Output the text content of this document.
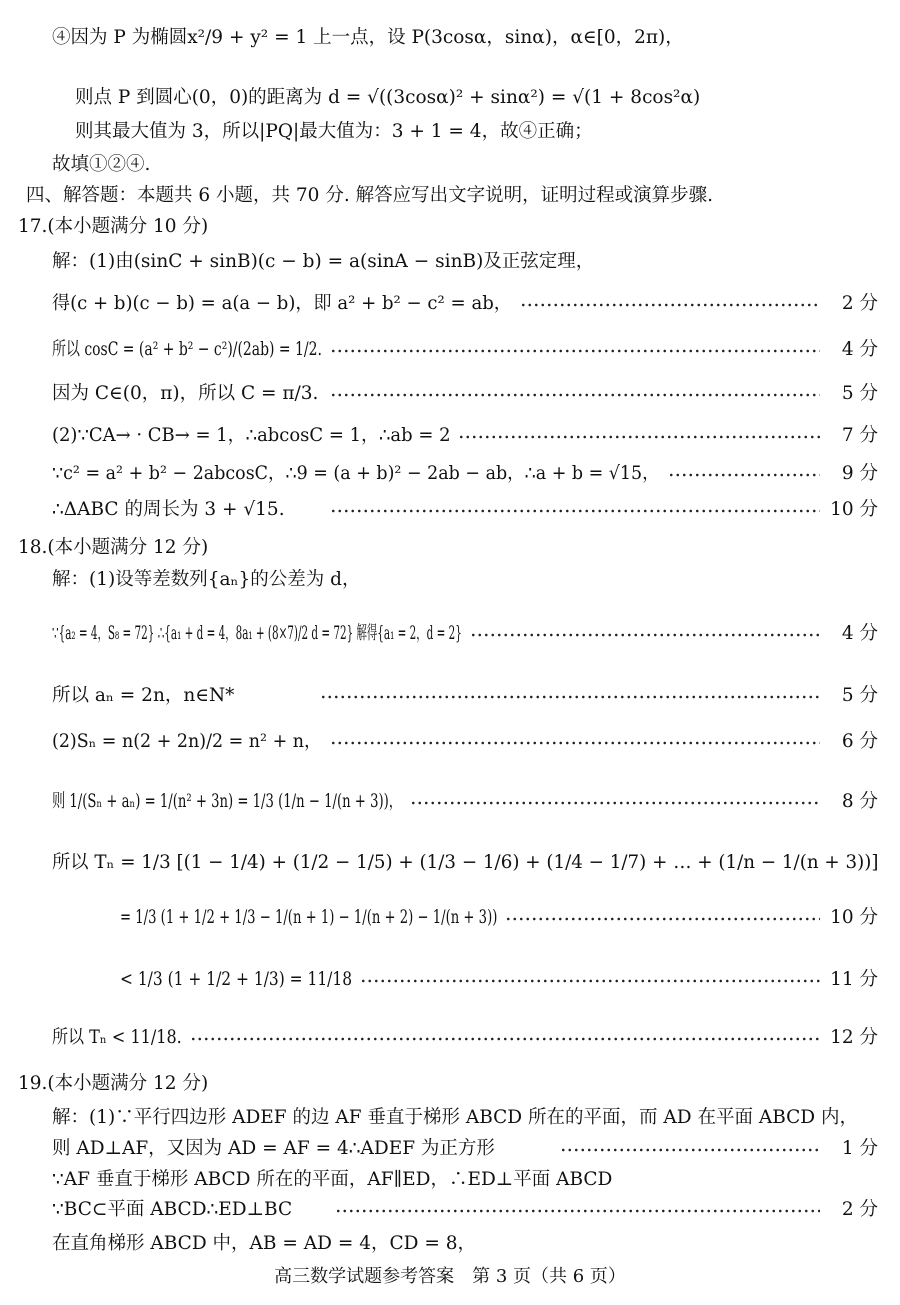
④因为 P 为椭圆x²/9 + y² = 1 上一点，设 P(3cosα，sinα)，α∈[0，2π)，
则点 P 到圆心(0，0)的距离为 d = √((3cosα)² + sinα²) = √(1 + 8cos²α)
则其最大值为 3，所以|PQ|最大值为：3 + 1 = 4，故④正确；
故填①②④.
四、解答题：本题共 6 小题，共 70 分. 解答应写出文字说明，证明过程或演算步骤.
17.(本小题满分 10 分)
解：(1)由(sinC + sinB)(c − b) = a(sinA − sinB)及正弦定理，
得(c + b)(c − b) = a(a − b)，即 a² + b² − c² = ab，	2 分
所以 cosC = (a² + b² − c²)/(2ab) = 1/2.	4 分
因为 C∈(0，π)，所以 C = π/3.	5 分
(2)∵CA→ · CB→ = 1，∴abcosC = 1，∴ab = 2	7 分
∵c² = a² + b² − 2abcosC，∴9 = (a + b)² − 2ab − ab，∴a + b = √15，	9 分
∴ΔABC 的周长为 3 + √15.	10 分
18.(本小题满分 12 分)
解：(1)设等差数列{aₙ}的公差为 d，
∵{a₂ = 4，S₈ = 72} ∴{a₁ + d = 4，8a₁ + (8×7)/2 d = 72} 解得{a₁ = 2，d = 2}	4 分
所以 aₙ = 2n，n∈N*	5 分
(2)Sₙ = n(2 + 2n)/2 = n² + n，	6 分
则 1/(Sₙ + aₙ) = 1/(n² + 3n) = 1/3 (1/n − 1/(n + 3))，	8 分
所以 Tₙ = 1/3 [(1 − 1/4) + (1/2 − 1/5) + (1/3 − 1/6) + (1/4 − 1/7) + … + (1/n − 1/(n + 3))]
= 1/3 (1 + 1/2 + 1/3 − 1/(n + 1) − 1/(n + 2) − 1/(n + 3))	10 分
< 1/3 (1 + 1/2 + 1/3) = 11/18	11 分
所以 Tₙ < 11/18.	12 分
19.(本小题满分 12 分)
解：(1)∵平行四边形 ADEF 的边 AF 垂直于梯形 ABCD 所在的平面，而 AD 在平面 ABCD 内，
则 AD⊥AF，又因为 AD = AF = 4∴ADEF 为正方形	1 分
∵AF 垂直于梯形 ABCD 所在的平面，AF∥ED，∴ED⊥平面 ABCD
∵BC⊂平面 ABCD∴ED⊥BC	2 分
在直角梯形 ABCD 中，AB = AD = 4，CD = 8，
高三数学试题参考答案　第 3 页（共 6 页）
